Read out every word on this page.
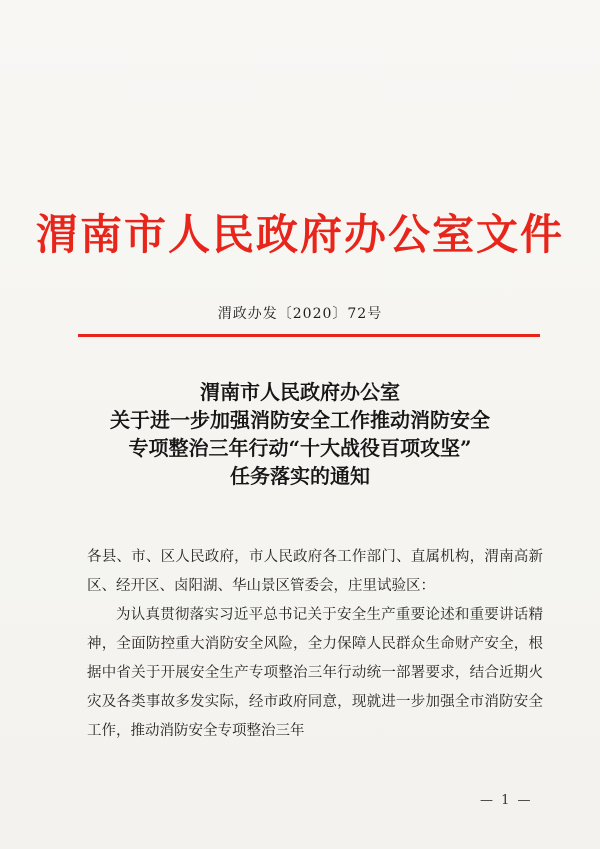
渭南市人民政府办公室文件
渭政办发〔2020〕72号
渭南市人民政府办公室
关于进一步加强消防安全工作推动消防安全
专项整治三年行动“十大战役百项攻坚”
任务落实的通知

各县、市、区人民政府，市人民政府各工作部门、直属机构，渭南高新区、经开区、卤阳湖、华山景区管委会，庄里试验区：

为认真贯彻落实习近平总书记关于安全生产重要论述和重要讲话精神，全面防控重大消防安全风险，全力保障人民群众生命财产安全，根据中省关于开展安全生产专项整治三年行动统一部署要求，结合近期火灾及各类事故多发实际，经市政府同意，现就进一步加强全市消防安全工作，推动消防安全专项整治三年

— 1 —
